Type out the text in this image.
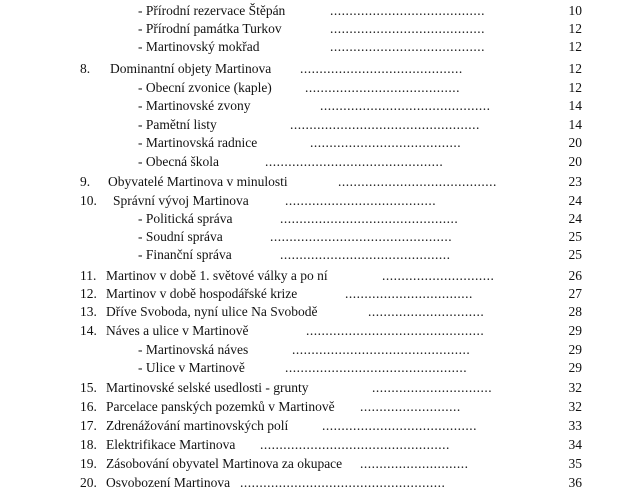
- Přírodní rezervace Štěpán	........................................	10
- Přírodní památka Turkov	........................................	12
- Martinovský mokřad	........................................	12
8. Dominantní objety Martinova ..........................................	12
- Obecní zvonice (kaple) ........................................	12
- Martinovské zvony	............................................	14
- Pamětní listy	.................................................	14
- Martinovská radnice	.......................................	20
- Obecná škola	..............................................	20
9. Obyvatelé Martinova v minulosti	.........................................	23
10. Správní vývoj Martinova	.......................................	24
- Politická správa	..............................................	24
- Soudní správa	...............................................	25
- Finanční správa	............................................	25
11. Martinov v době 1. světové války a po ní	.............................	26
12. Martinov v době hospodářské krize	.................................	27
13. Dříve Svoboda, nyní ulice Na Svobodě	..............................	28
14. Náves a ulice v Martinově	..............................................	29
- Martinovská náves	..............................................	29
- Ulice v Martinově	...............................................	29
15. Martinovské selské usedlosti - grunty	...............................	32
16. Parcelace panských pozemků v Martinově ..........................	32
17. Zdrenážování martinovských polí	........................................	33
18. Elektrifikace Martinova .................................................	34
19. Zásobování obyvatel Martinova za okupace ............................	35
20. Osvobození Martinova .....................................................	36
